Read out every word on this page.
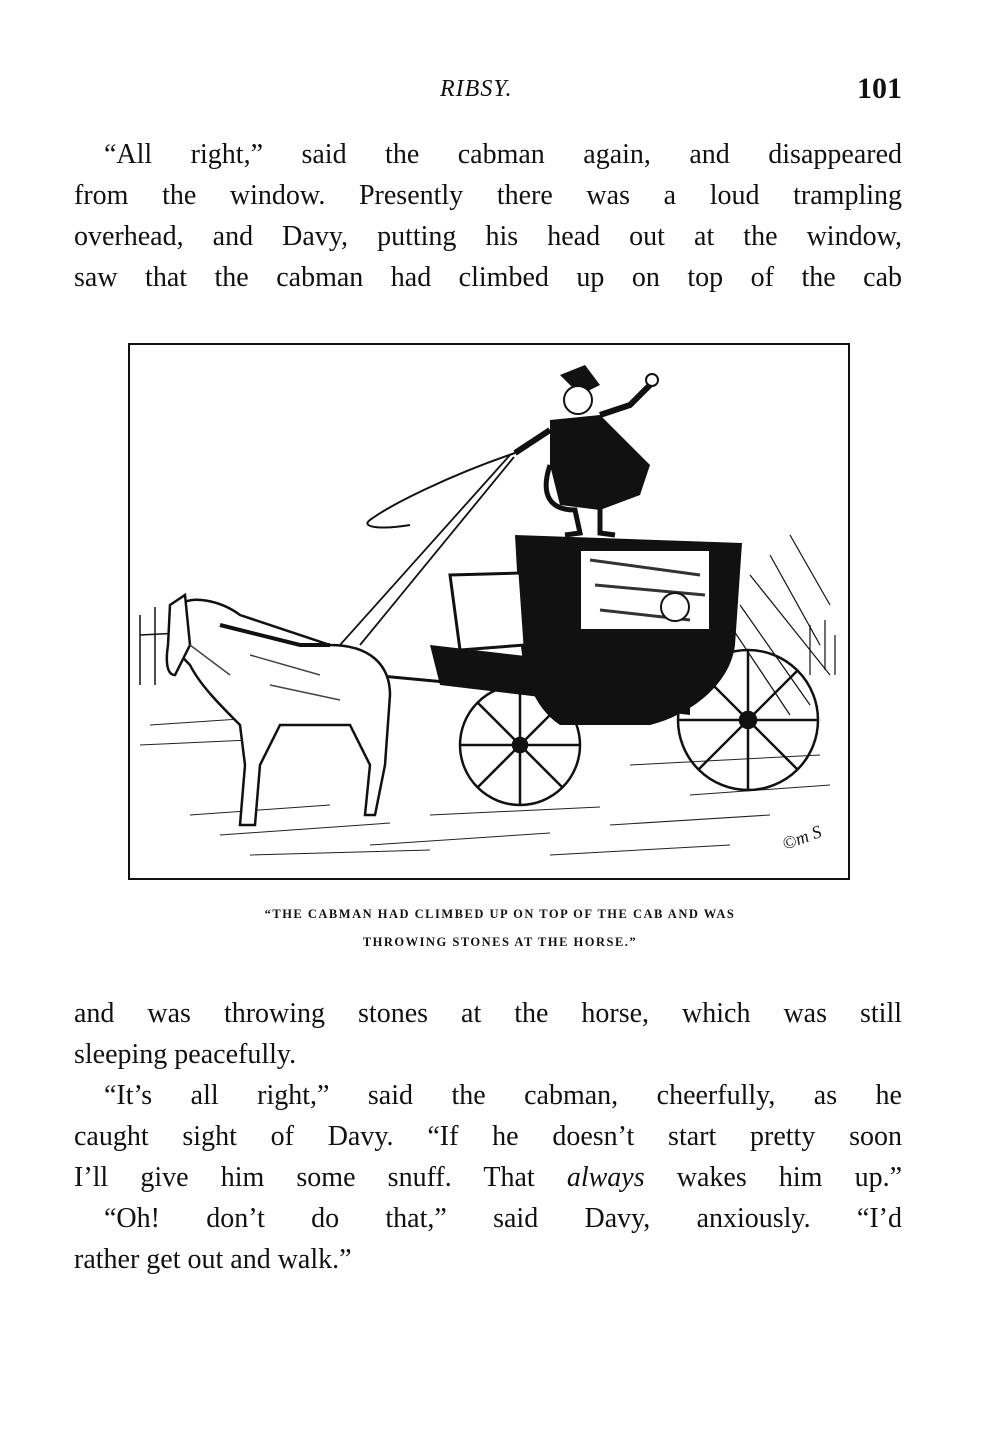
RIBSY.	101
“All right,” said the cabman again, and disappeared
from the window. Presently there was a loud trampling
overhead, and Davy, putting his head out at the window,
saw that the cabman had climbed up on top of the cab
©m S
“THE CABMAN HAD CLIMBED UP ON TOP OF THE CAB AND WAS
THROWING STONES AT THE HORSE.”
and was throwing stones at the horse, which was still
sleeping peacefully.
“It’s all right,” said the cabman, cheerfully, as he
caught sight of Davy. “If he doesn’t start pretty soon
I’ll give him some snuff. That always wakes him up.”
“Oh! don’t do that,” said Davy, anxiously. “I’d
rather get out and walk.”
